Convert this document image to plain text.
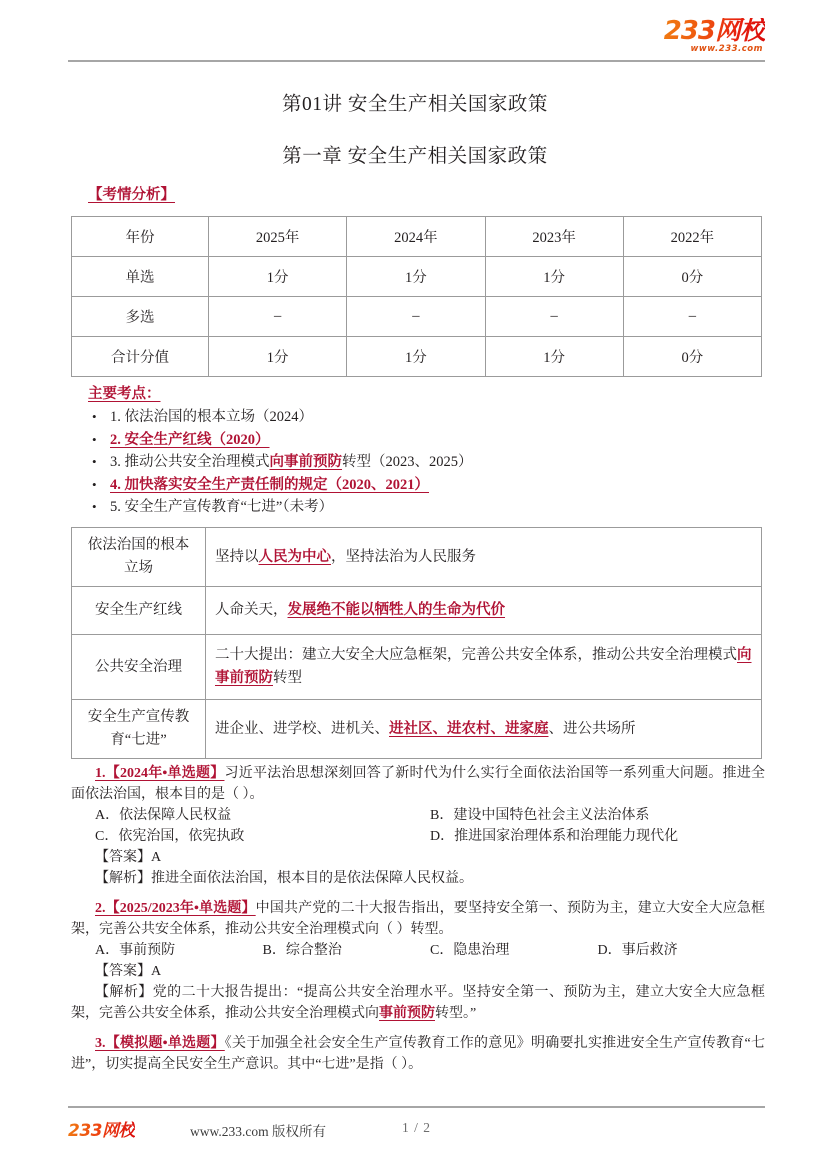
233网校
www.233.com
第01讲 安全生产相关国家政策
第一章 安全生产相关国家政策
【考情分析】
年份	2025年	2024年	2023年	2022年
单选	1分	1分	1分	0分
多选	–	–	–	–
合计分值	1分	1分	1分	0分
主要考点：
• 1. 依法治国的根本立场（2024）
• 2. 安全生产红线（2020）
• 3. 推动公共安全治理模式向事前预防转型（2023、2025）
• 4. 加快落实安全生产责任制的规定（2020、2021）
• 5. 安全生产宣传教育“七进”（未考）
依法治国的根本立场	坚持以人民为中心，坚持法治为人民服务
安全生产红线	人命关天，发展绝不能以牺牲人的生命为代价
公共安全治理	二十大提出：建立大安全大应急框架，完善公共安全体系，推动公共安全治理模式向事前预防转型
安全生产宣传教育“七进”	进企业、进学校、进机关、进社区、进农村、进家庭、进公共场所
1.【2024年•单选题】习近平法治思想深刻回答了新时代为什么实行全面依法治国等一系列重大问题。推进全面依法治国，根本目的是（ ）。
A．依法保障人民权益	B．建设中国特色社会主义法治体系
C．依宪治国，依宪执政	D．推进国家治理体系和治理能力现代化
【答案】A
【解析】推进全面依法治国，根本目的是依法保障人民权益。
2.【2025/2023年•单选题】中国共产党的二十大报告指出，要坚持安全第一、预防为主，建立大安全大应急框架，完善公共安全体系，推动公共安全治理模式向（ ）转型。
A．事前预防	B．综合整治	C．隐患治理	D．事后救济
【答案】A
【解析】党的二十大报告提出：“提高公共安全治理水平。坚持安全第一、预防为主，建立大安全大应急框架，完善公共安全体系，推动公共安全治理模式向事前预防转型。”
3.【模拟题•单选题】《关于加强全社会安全生产宣传教育工作的意见》明确要扎实推进安全生产宣传教育“七进”，切实提高全民安全生产意识。其中“七进”是指（ ）。
233网校	www.233.com 版权所有	1 / 2
